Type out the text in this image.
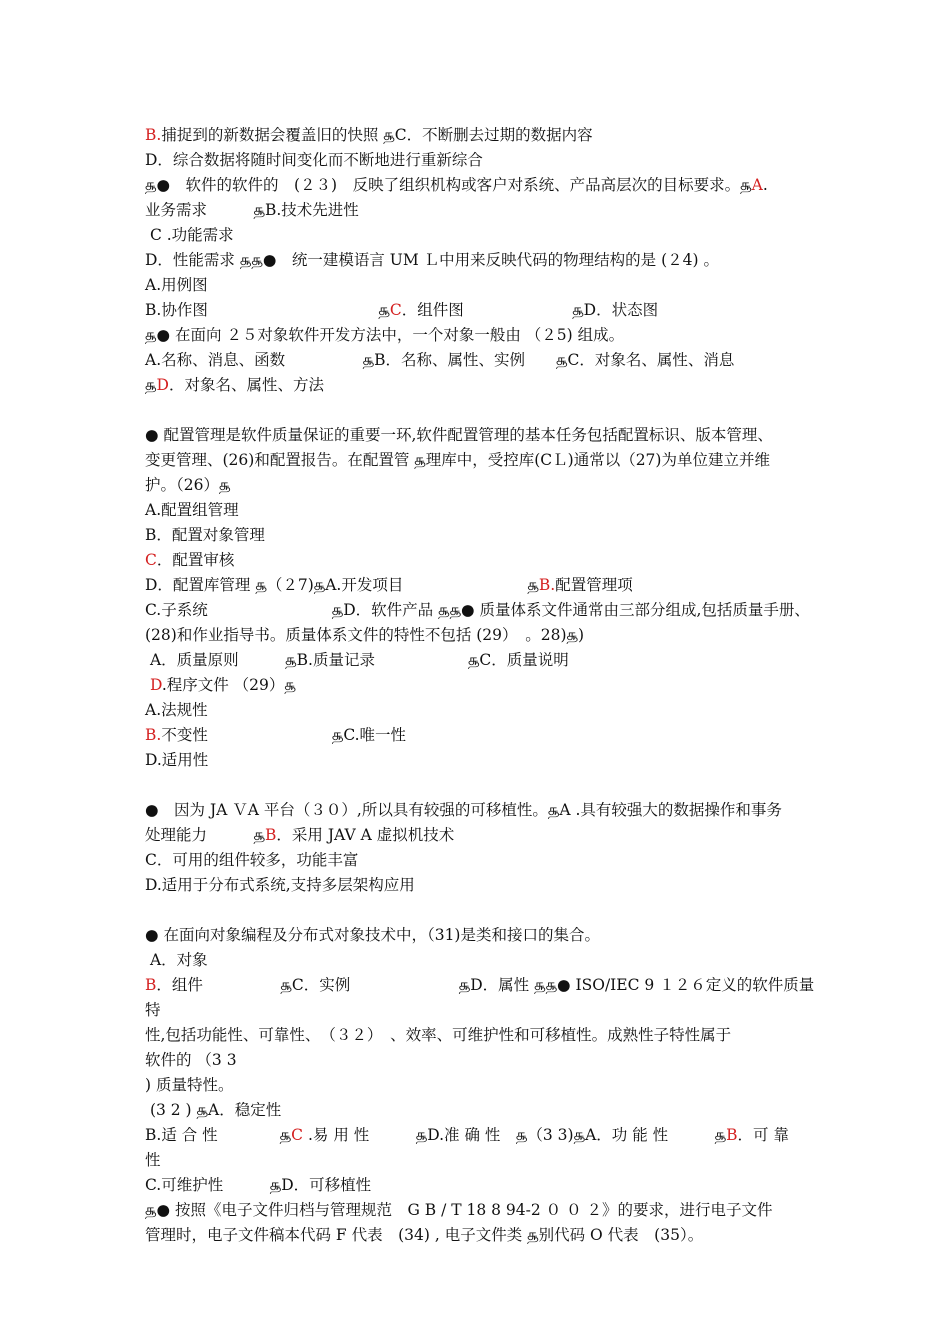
B.捕捉到的新数据会覆盖旧的快照 ௲C．不断删去过期的数据内容
D．综合数据将随时间变化而不断地进行重新综合
௲●　软件的软件的　(２３)　反映了组织机构或客户对系统、产品高层次的目标要求。௲A.
业务需求　　　௲B.技术先进性
C .功能需求
D．性能需求 ௲௲●　统一建模语言 UM Ｌ中用来反映代码的物理结构的是 (２4) 。
A.用例图
B.协作图　　　　　　　　　　　௲C．组件图　　　　　　　௲D．状态图
௲● 在面向 ２５对象软件开发方法中，一个对象一般由 （２5) 组成。
A.名称、消息、函数　　　　　௲B．名称、属性、实例　　௲C．对象名、属性、消息
௲D．对象名、属性、方法
● 配置管理是软件质量保证的重要一环,软件配置管理的基本任务包括配置标识、版本管理、
变更管理、(26)和配置报告。在配置管 ௲理库中，受控库(CＬ)通常以（27)为单位建立并维
护。（26）௲
A.配置组管理
B．配置对象管理
C．配置审核
D．配置库管理 ௲（２7)௲A.开发项目　　　　　　　　௲B.配置管理项
C.子系统　　　　　　　　௲D．软件产品 ௲௲● 质量体系文件通常由三部分组成,包括质量手册、
(28)和作业指导书。质量体系文件的特性不包括 (29）　。28)௲)
A．质量原则　　　௲B.质量记录　　　　　　௲C．质量说明
D.程序文件 （29）௲
A.法规性
B.不变性　　　　　　　　௲C.唯一性
D.适用性
●　因为 JA ＶA 平台（３０）,所以具有较强的可移植性。௲A .具有较强大的数据操作和事务
处理能力　　　௲B．采用 JAV A 虚拟机技术
C．可用的组件较多，功能丰富
D.适用于分布式系统,支持多层架构应用
● 在面向对象编程及分布式对象技术中，（31)是类和接口的集合。
A．对象
B．组件　　　　　௲C．实例　　　　　　　௲D．属性 ௲௲● ISO/IEC 9 １２６定义的软件质量特
性,包括功能性、可靠性、　（３２）　、效率、可维护性和可移植性。成熟性子特性属于
软件的 （3 3
) 质量特性。
(3 2 ) ௲A．稳定性
B.适 合 性　　　　௲C .易 用 性　　　௲D.准 确 性　௲（3 3)௲A．功 能 性　　　௲B．可 靠
性
C.可维护性　　　௲D．可移植性
௲● 按照《电子文件归档与管理规范　G B / T 18 8 94-2 ０ ０ ２》的要求，进行电子文件
管理时，电子文件稿本代码 F 代表　(34) , 电子文件类 ௲别代码 O 代表　(35）。
